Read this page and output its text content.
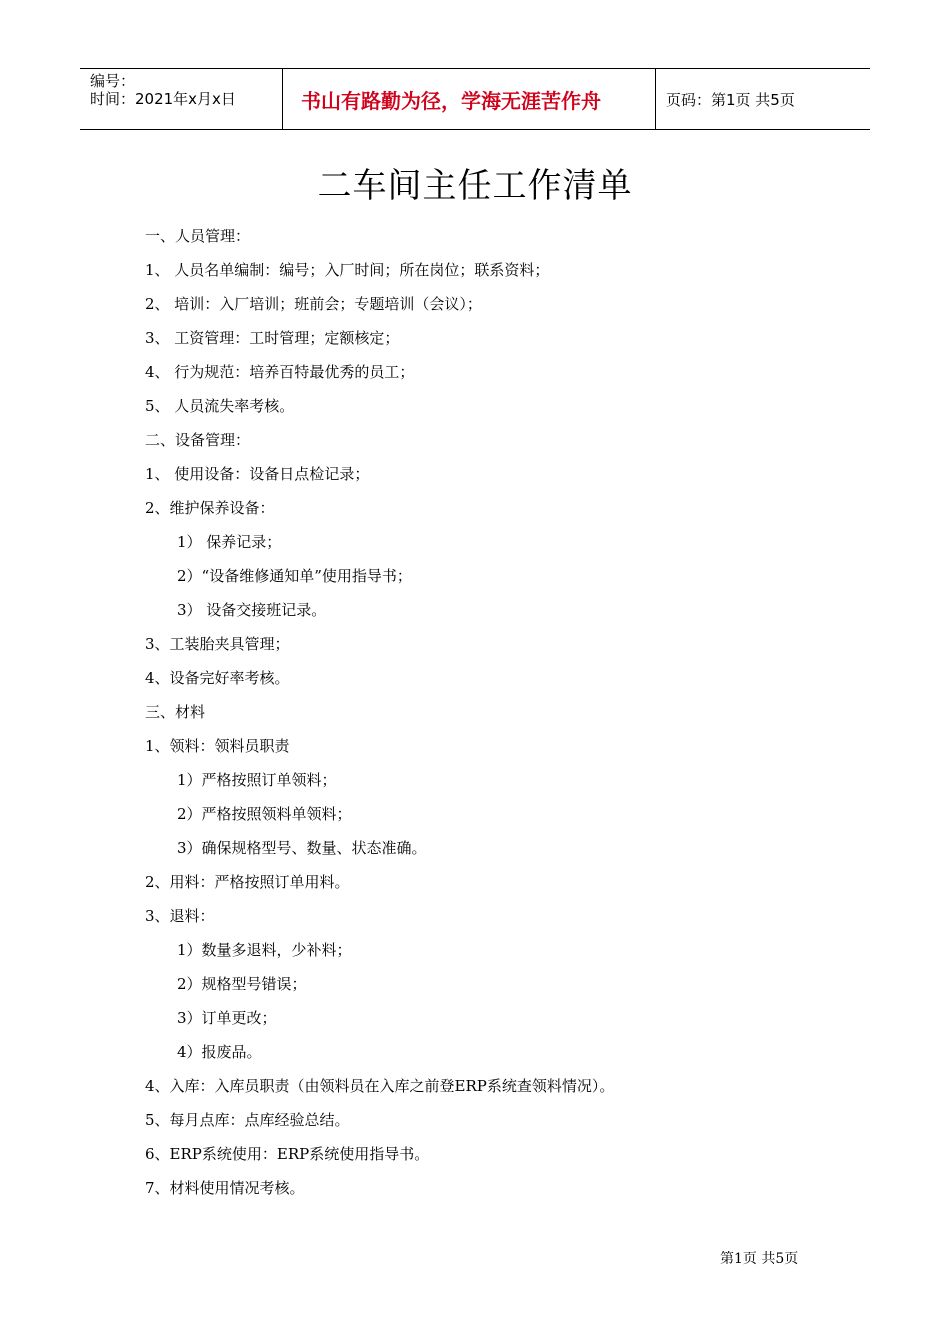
编号：
时间：2021年x月x日	书山有路勤为径，学海无涯苦作舟	页码：第1页 共5页
二车间主任工作清单
一、人员管理：
1、 人员名单编制：编号；入厂时间；所在岗位；联系资料；
2、 培训：入厂培训；班前会；专题培训（会议）；
3、 工资管理：工时管理；定额核定；
4、 行为规范：培养百特最优秀的员工；
5、 人员流失率考核。
二、设备管理：
1、 使用设备：设备日点检记录；
2、维护保养设备：
1） 保养记录；
2）“设备维修通知单”使用指导书；
3） 设备交接班记录。
3、工装胎夹具管理；
4、设备完好率考核。
三、材料
1、领料：领料员职责
1）严格按照订单领料；
2）严格按照领料单领料；
3）确保规格型号、数量、状态准确。
2、用料：严格按照订单用料。
3、退料：
1）数量多退料，少补料；
2）规格型号错误；
3）订单更改；
4）报废品。
4、入库：入库员职责（由领料员在入库之前登ERP系统查领料情况）。
5、每月点库：点库经验总结。
6、ERP系统使用：ERP系统使用指导书。
7、材料使用情况考核。
第1页 共5页
